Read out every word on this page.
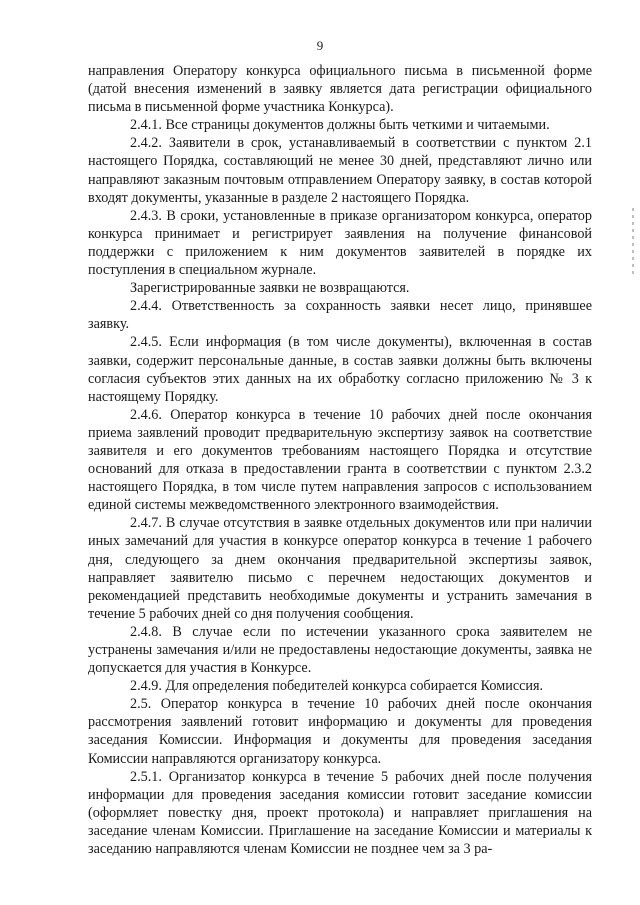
9

направления Оператору конкурса официального письма в письменной форме (датой внесения изменений в заявку является дата регистрации официального письма в письменной форме участника Конкурса).

2.4.1. Все страницы документов должны быть четкими и читаемыми.

2.4.2. Заявители в срок, устанавливаемый в соответствии с пунктом 2.1 настоящего Порядка, составляющий не менее 30 дней, представляют лично или направляют заказным почтовым отправлением Оператору заявку, в состав которой входят документы, указанные в разделе 2 настоящего Порядка.

2.4.3. В сроки, установленные в приказе организатором конкурса, оператор конкурса принимает и регистрирует заявления на получение финансовой поддержки с приложением к ним документов заявителей в порядке их поступления в специальном журнале.

Зарегистрированные заявки не возвращаются.

2.4.4. Ответственность за сохранность заявки несет лицо, принявшее заявку.

2.4.5. Если информация (в том числе документы), включенная в состав заявки, содержит персональные данные, в состав заявки должны быть включены согласия субъектов этих данных на их обработку согласно приложению № 3 к настоящему Порядку.

2.4.6. Оператор конкурса в течение 10 рабочих дней после окончания приема заявлений проводит предварительную экспертизу заявок на соответствие заявителя и его документов требованиям настоящего Порядка и отсутствие оснований для отказа в предоставлении гранта в соответствии с пунктом 2.3.2 настоящего Порядка, в том числе путем направления запросов с использованием единой системы межведомственного электронного взаимодействия.

2.4.7. В случае отсутствия в заявке отдельных документов или при наличии иных замечаний для участия в конкурсе оператор конкурса в течение 1 рабочего дня, следующего за днем окончания предварительной экспертизы заявок, направляет заявителю письмо с перечнем недостающих документов и рекомендацией представить необходимые документы и устранить замечания в течение 5 рабочих дней со дня получения сообщения.

2.4.8. В случае если по истечении указанного срока заявителем не устранены замечания и/или не предоставлены недостающие документы, заявка не допускается для участия в Конкурсе.

2.4.9. Для определения победителей конкурса собирается Комиссия.

2.5. Оператор конкурса в течение 10 рабочих дней после окончания рассмотрения заявлений готовит информацию и документы для проведения заседания Комиссии. Информация и документы для проведения заседания Комиссии направляются организатору конкурса.

2.5.1. Организатор конкурса в течение 5 рабочих дней после получения информации для проведения заседания комиссии готовит заседание комиссии (оформляет повестку дня, проект протокола) и направляет приглашения на заседание членам Комиссии. Приглашение на заседание Комиссии и материалы к заседанию направляются членам Комиссии не позднее чем за 3 ра-
